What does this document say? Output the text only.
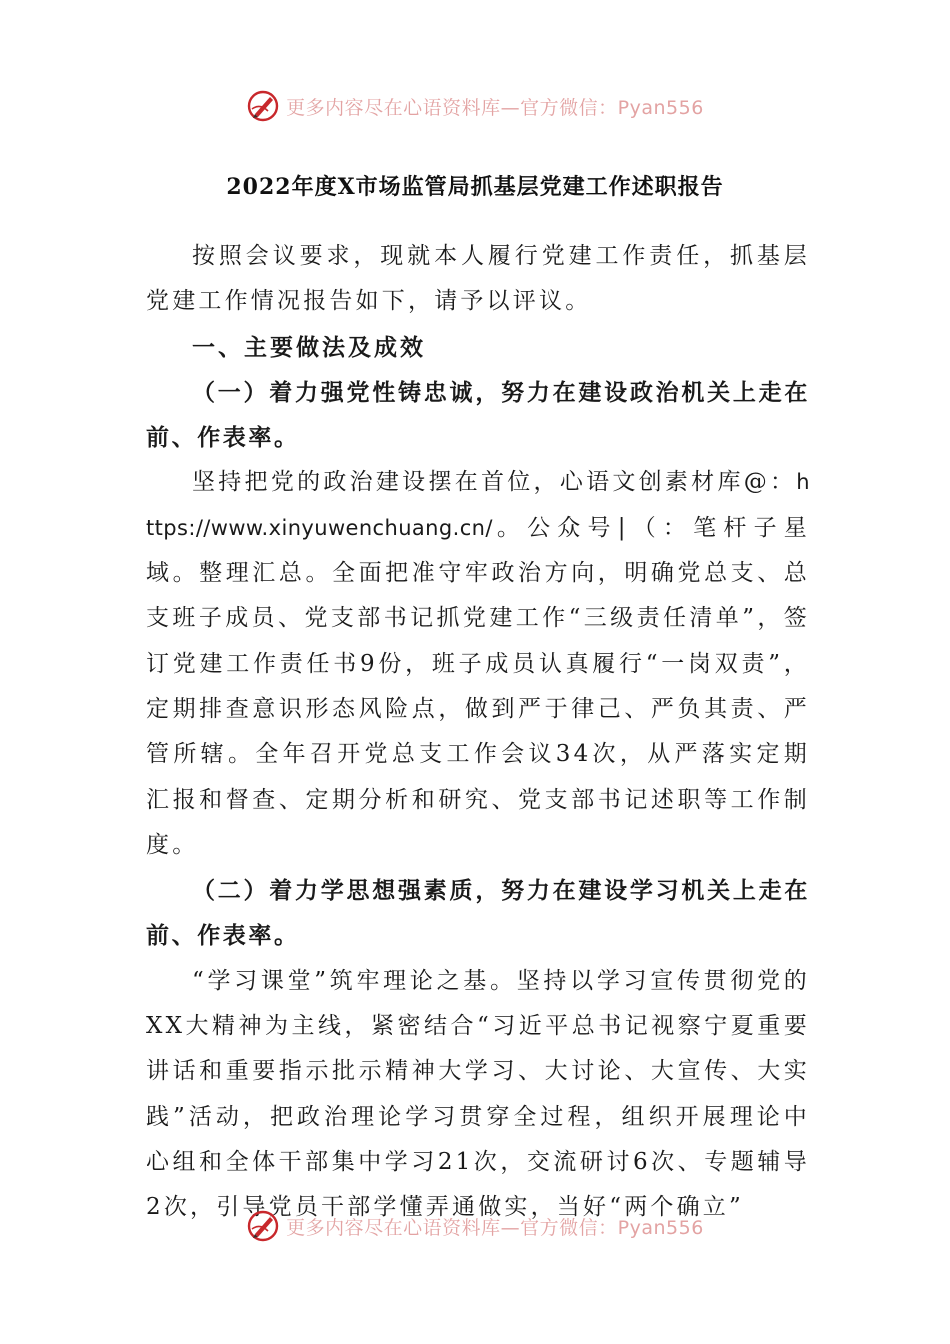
更多内容尽在心语资料库—官方微信：Pyan556
2022年度X市场监管局抓基层党建工作述职报告

按照会议要求，现就本人履行党建工作责任，抓基层党建工作情况报告如下，请予以评议。

一、主要做法及成效

（一）着力强党性铸忠诚，努力在建设政治机关上走在前、作表率。

坚持把党的政治建设摆在首位，心语文创素材库@：https://www.xinyuwenchuang.cn/。公众号|（：笔杆子星域。整理汇总。全面把准守牢政治方向，明确党总支、总支班子成员、党支部书记抓党建工作“三级责任清单”，签订党建工作责任书9份，班子成员认真履行“一岗双责”，定期排查意识形态风险点，做到严于律己、严负其责、严管所辖。全年召开党总支工作会议34次，从严落实定期汇报和督查、定期分析和研究、党支部书记述职等工作制度。

（二）着力学思想强素质，努力在建设学习机关上走在前、作表率。

“学习课堂”筑牢理论之基。坚持以学习宣传贯彻党的XX大精神为主线，紧密结合“习近平总书记视察宁夏重要讲话和重要指示批示精神大学习、大讨论、大宣传、大实践”活动，把政治理论学习贯穿全过程，组织开展理论中心组和全体干部集中学习21次，交流研讨6次、专题辅导2次，引导党员干部学懂弄通做实，当好“两个确立”

更多内容尽在心语资料库—官方微信：Pyan556
